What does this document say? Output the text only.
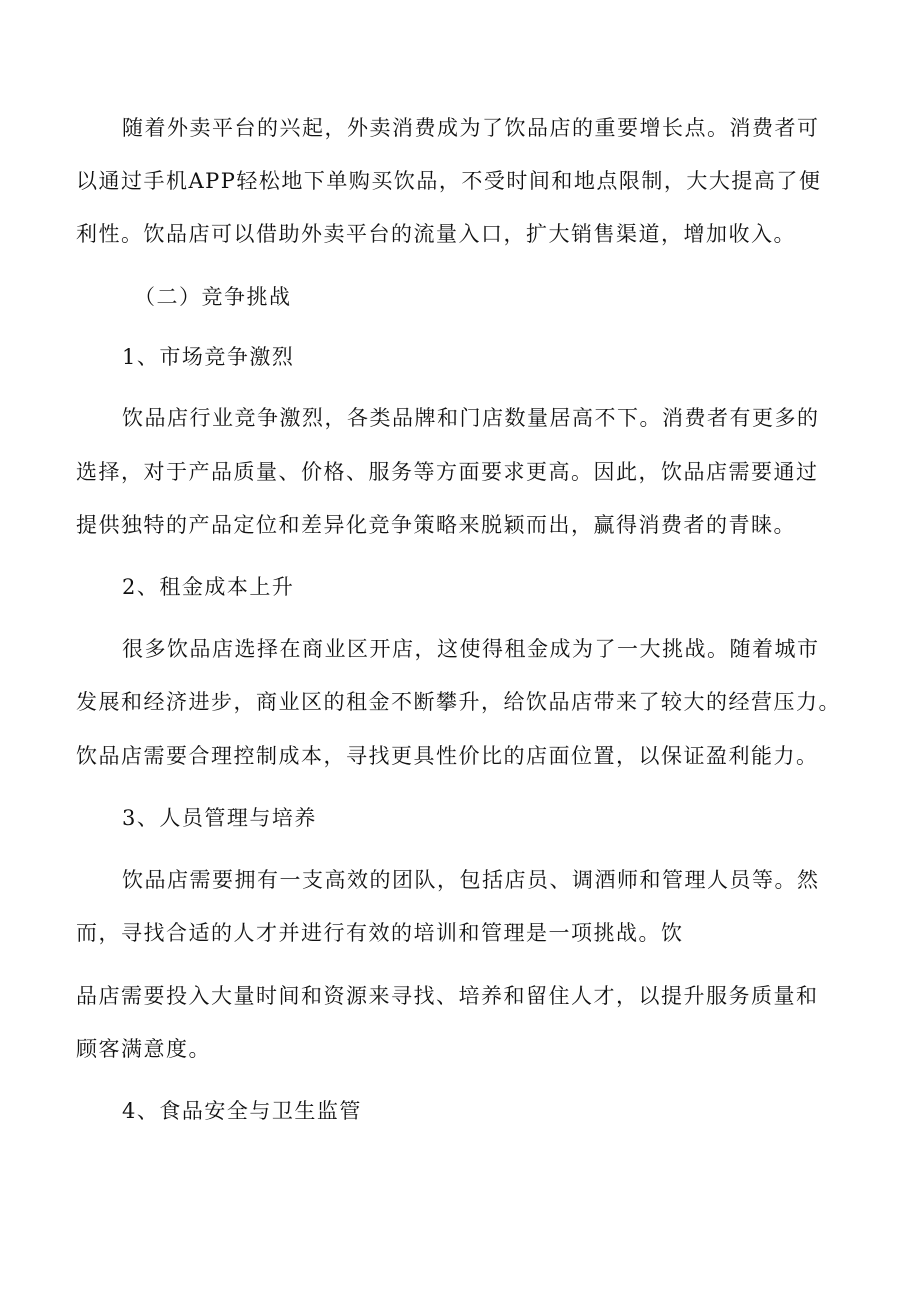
随着外卖平台的兴起，外卖消费成为了饮品店的重要增长点。消费者可
以通过手机APP轻松地下单购买饮品，不受时间和地点限制，大大提高了便
利性。饮品店可以借助外卖平台的流量入口，扩大销售渠道，增加收入。
（二）竞争挑战
1、市场竞争激烈
饮品店行业竞争激烈，各类品牌和门店数量居高不下。消费者有更多的
选择，对于产品质量、价格、服务等方面要求更高。因此，饮品店需要通过
提供独特的产品定位和差异化竞争策略来脱颖而出，赢得消费者的青睐。
2、租金成本上升
很多饮品店选择在商业区开店，这使得租金成为了一大挑战。随着城市
发展和经济进步，商业区的租金不断攀升，给饮品店带来了较大的经营压力。
饮品店需要合理控制成本，寻找更具性价比的店面位置，以保证盈利能力。
3、人员管理与培养
饮品店需要拥有一支高效的团队，包括店员、调酒师和管理人员等。然
而，寻找合适的人才并进行有效的培训和管理是一项挑战。饮
品店需要投入大量时间和资源来寻找、培养和留住人才，以提升服务质量和
顾客满意度。
4、食品安全与卫生监管
